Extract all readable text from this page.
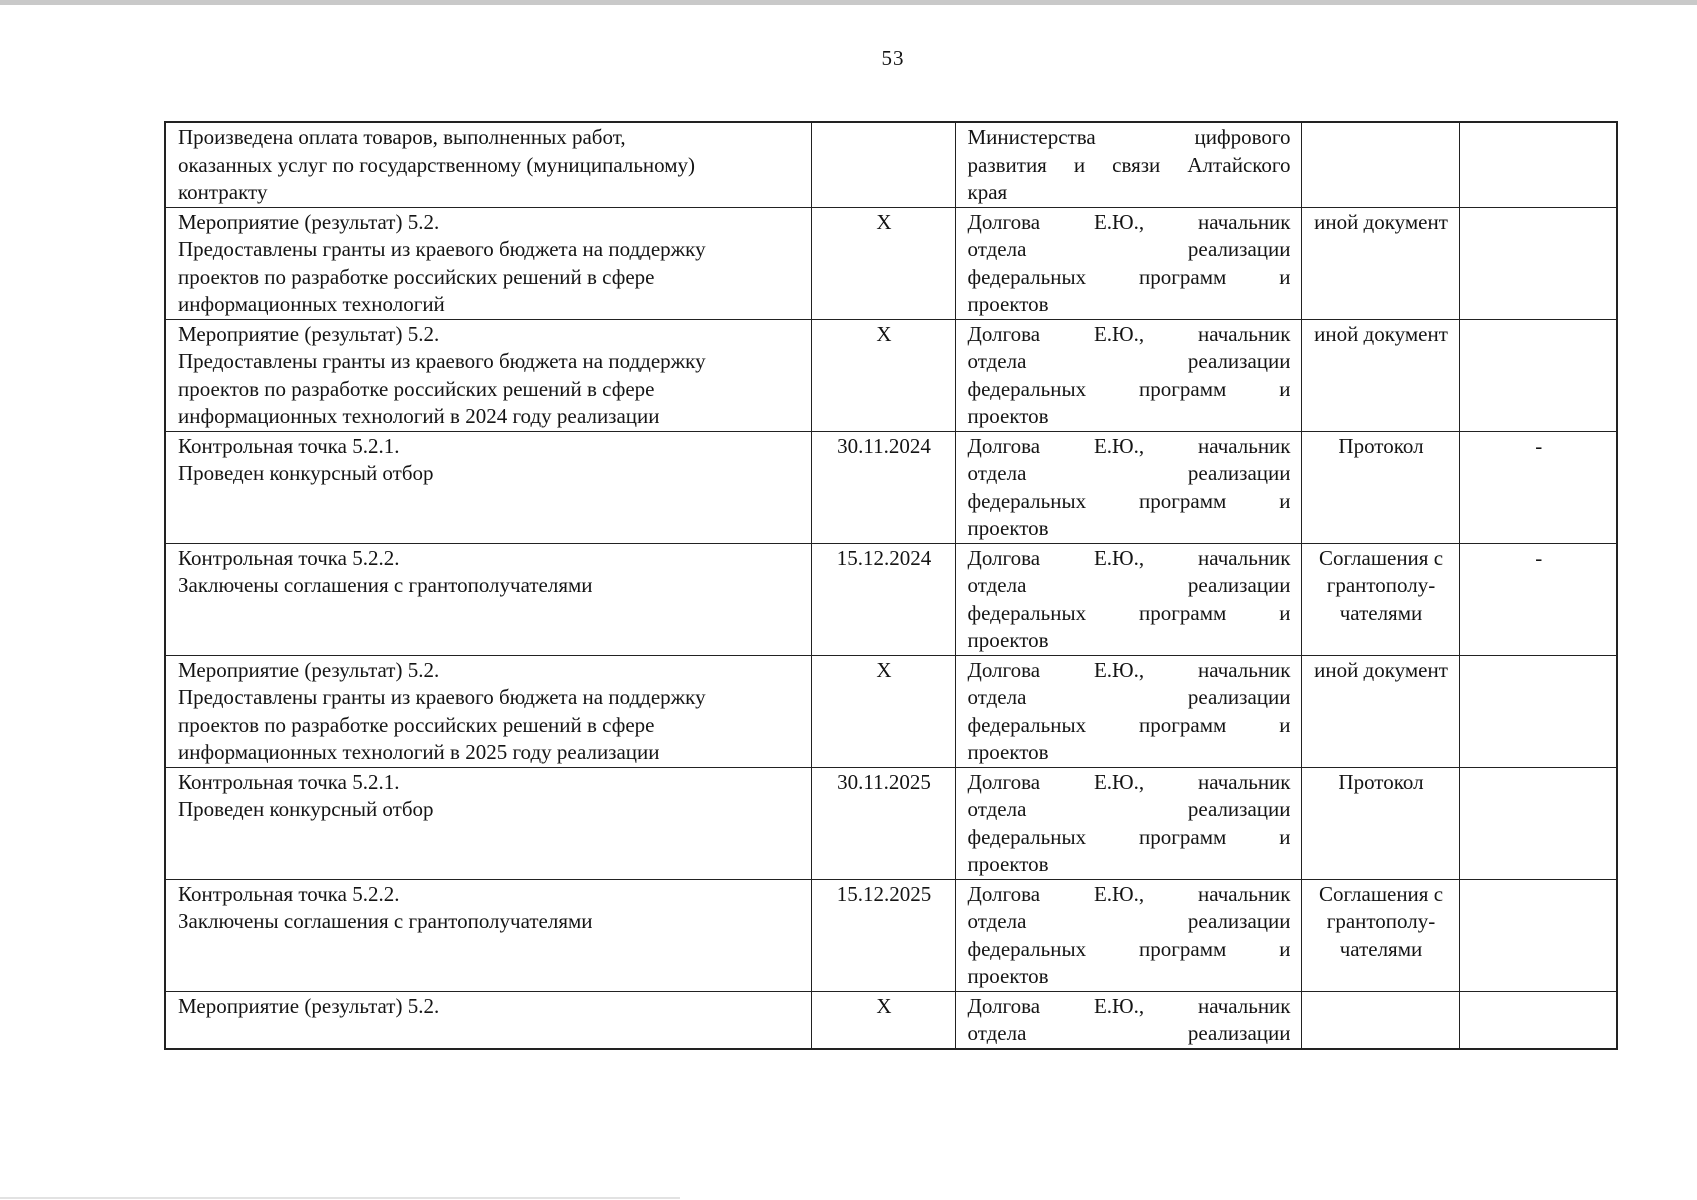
53
Произведена оплата товаров, выполненных работ,
оказанных услуг по государственному (муниципальному)
контракту		Министерства цифрового
развития и связи Алтайского
края		

Мероприятие (результат) 5.2.
Предоставлены гранты из краевого бюджета на поддержку
проектов по разработке российских решений в сфере
информационных технологий	X	Долгова Е.Ю., начальник
отдела реализации
федеральных программ и
проектов	иной документ	

Мероприятие (результат) 5.2.
Предоставлены гранты из краевого бюджета на поддержку
проектов по разработке российских решений в сфере
информационных технологий в 2024 году реализации	X	Долгова Е.Ю., начальник
отдела реализации
федеральных программ и
проектов	иной документ	

Контрольная точка 5.2.1.
Проведен конкурсный отбор	30.11.2024	Долгова Е.Ю., начальник
отдела реализации
федеральных программ и
проектов	Протокол	-

Контрольная точка 5.2.2.
Заключены соглашения с грантополучателями	15.12.2024	Долгова Е.Ю., начальник
отдела реализации
федеральных программ и
проектов	Соглашения с грантополу- чателями	-

Мероприятие (результат) 5.2.
Предоставлены гранты из краевого бюджета на поддержку
проектов по разработке российских решений в сфере
информационных технологий в 2025 году реализации	X	Долгова Е.Ю., начальник
отдела реализации
федеральных программ и
проектов	иной документ	

Контрольная точка 5.2.1.
Проведен конкурсный отбор	30.11.2025	Долгова Е.Ю., начальник
отдела реализации
федеральных программ и
проектов	Протокол	

Контрольная точка 5.2.2.
Заключены соглашения с грантополучателями	15.12.2025	Долгова Е.Ю., начальник
отдела реализации
федеральных программ и
проектов	Соглашения с грантополу- чателями	

Мероприятие (результат) 5.2.	X	Долгова Е.Ю., начальник
отдела реализации		
